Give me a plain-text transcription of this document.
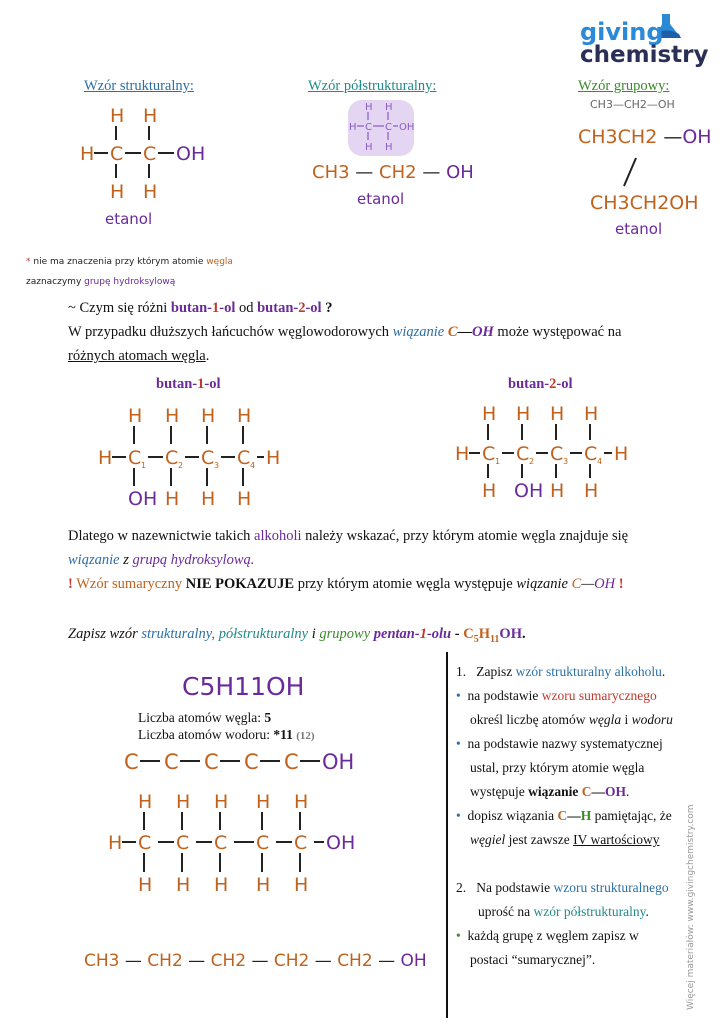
giving
chemistry
Wzór strukturalny:	Wzór półstrukturalny:	Wzór grupowy:
H H
H C C
H H
OH
etanol
H H
H C C OH
H H
CH3 — CH2 — OH
etanol
CH3—CH2—OH
CH3CH2 —OH
CH3CH2OH
etanol
* nie ma znaczenia przy którym atomie węgla
zaznaczymy grupę hydroksylową
~ Czym się różni butan-1-ol od butan-2-ol ?
W przypadku dłuższych łańcuchów węglowodorowych wiązanie C—OH może występować na
różnych atomach węgla.
butan-1-ol	butan-2-ol
H H H H
H C C C C H
OH H H H
1	2	3	4
H H H H
H C C C C H
H OH H H
1	2	3	4
Dlatego w nazewnictwie takich alkoholi należy wskazać, przy którym atomie węgla znajduje się
wiązanie z grupą hydroksylową.
! Wzór sumaryczny NIE POKAZUJE przy którym atomie węgla występuje wiązanie C—OH !
Zapisz wzór strukturalny, półstrukturalny i grupowy $pentan-1-olu - C_5H_{11}OH$.
C5H11OH
Liczba atomów węgla: 5
Liczba atomów wodoru: *11 (12)
C C C C C OH
H H H H H
H C C C C C OH
H H H H H
CH3 — CH2 — CH2 — CH2 — CH2 — OH
1. Zapisz wzór strukturalny alkoholu.
• na podstawie wzoru sumarycznego
określ liczbę atomów węgla i wodoru
• na podstawie nazwy systematycznej
ustal, przy którym atomie węgla
występuje wiązanie C—OH.
• dopisz wiązania C—H pamiętając, że
węgiel jest zawsze IV wartościowy
2. Na podstawie wzoru strukturalnego
uprość na wzór półstrukturalny.
• każdą grupę z węglem zapisz w
postaci “sumarycznej”.	Więcej materiałów: www.givingchemistry.com
